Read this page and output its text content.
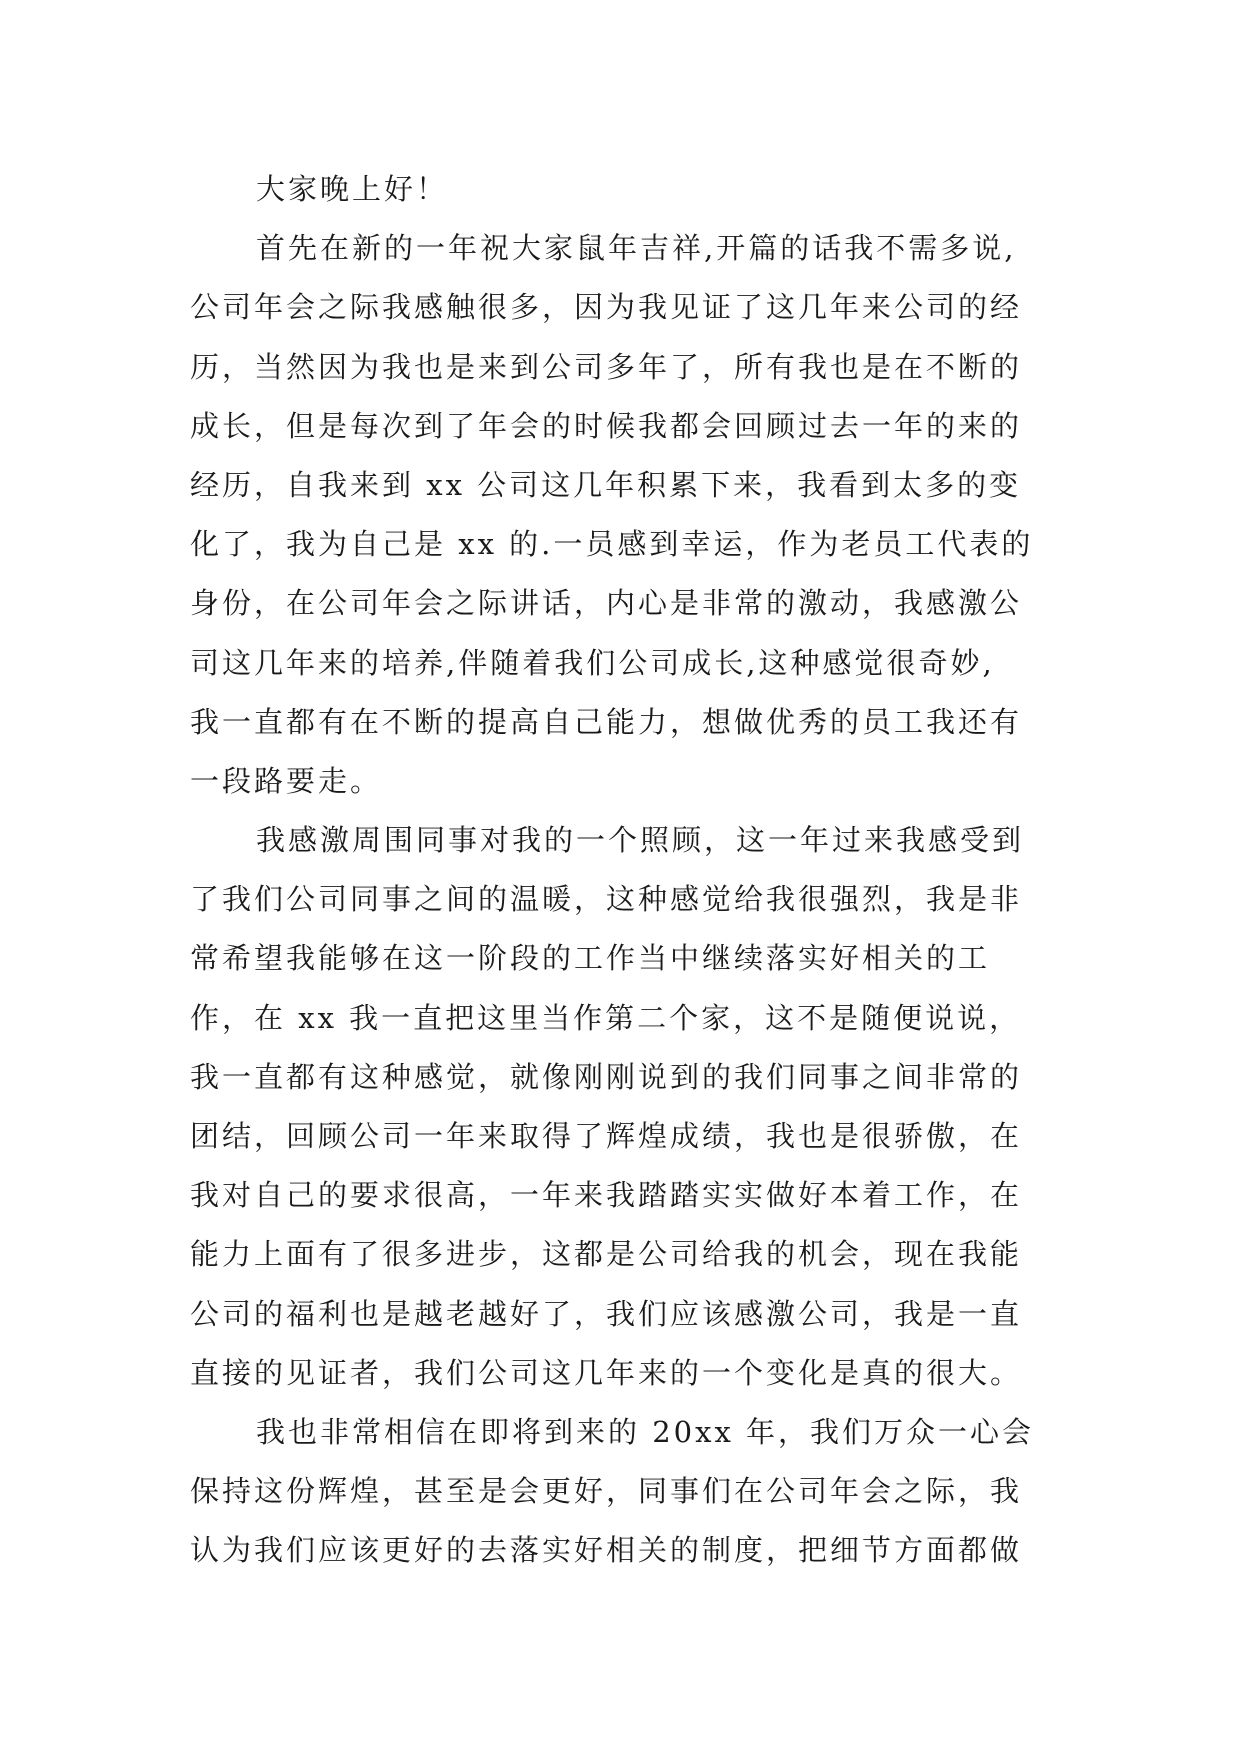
大家晚上好！
首先在新的一年祝大家鼠年吉祥,开篇的话我不需多说,
公司年会之际我感触很多，因为我见证了这几年来公司的经
历，当然因为我也是来到公司多年了，所有我也是在不断的
成长，但是每次到了年会的时候我都会回顾过去一年的来的
经历，自我来到 xx 公司这几年积累下来，我看到太多的变
化了，我为自己是 xx 的.一员感到幸运，作为老员工代表的
身份，在公司年会之际讲话，内心是非常的激动，我感激公
司这几年来的培养,伴随着我们公司成长,这种感觉很奇妙,
我一直都有在不断的提高自己能力，想做优秀的员工我还有
一段路要走。
我感激周围同事对我的一个照顾，这一年过来我感受到
了我们公司同事之间的温暖，这种感觉给我很强烈，我是非
常希望我能够在这一阶段的工作当中继续落实好相关的工
作，在 xx 我一直把这里当作第二个家，这不是随便说说，
我一直都有这种感觉，就像刚刚说到的我们同事之间非常的
团结，回顾公司一年来取得了辉煌成绩，我也是很骄傲，在
我对自己的要求很高，一年来我踏踏实实做好本着工作，在
能力上面有了很多进步，这都是公司给我的机会，现在我能
公司的福利也是越老越好了，我们应该感激公司，我是一直
直接的见证者，我们公司这几年来的一个变化是真的很大。
我也非常相信在即将到来的 20xx 年，我们万众一心会
保持这份辉煌，甚至是会更好，同事们在公司年会之际，我
认为我们应该更好的去落实好相关的制度，把细节方面都做
